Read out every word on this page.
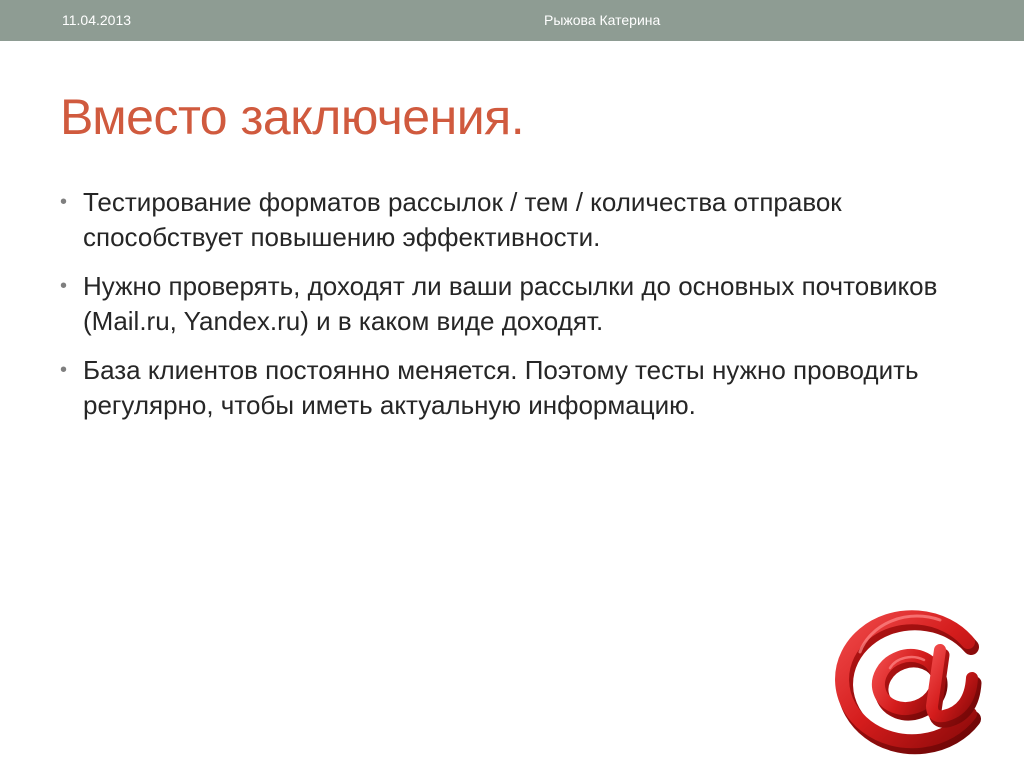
11.04.2013	Рыжова Катерина
Вместо заключения.
• Тестирование форматов рассылок / тем / количества отправок способствует повышению эффективности.
• Нужно проверять, доходят ли ваши рассылки до основных почтовиков (Mail.ru, Yandex.ru) и в каком виде доходят.
• База клиентов постоянно меняется. Поэтому тесты нужно проводить регулярно, чтобы иметь актуальную информацию.
